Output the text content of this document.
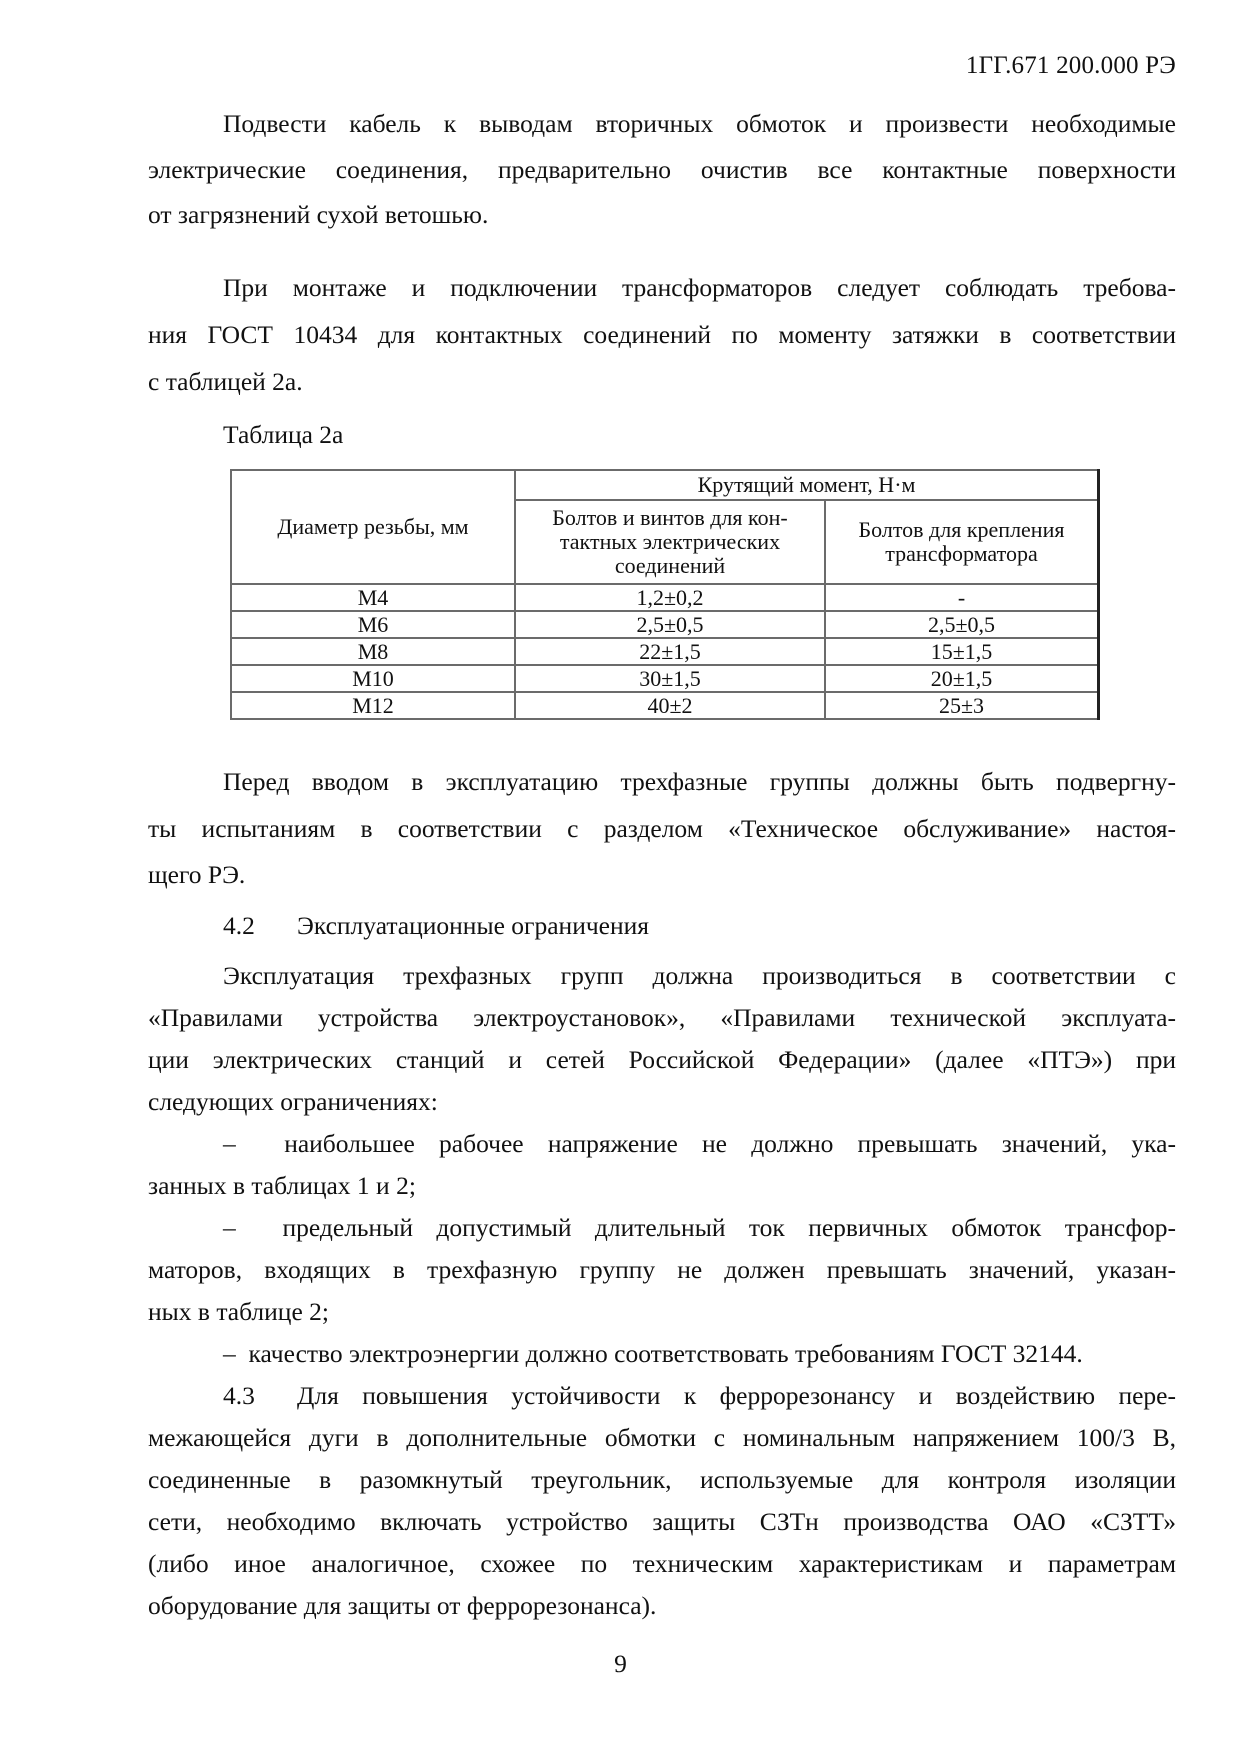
1ГГ.671 200.000 РЭ
Подвести кабель к выводам вторичных обмоток и произвести необходимые
электрические соединения, предварительно очистив все контактные поверхности
от загрязнений сухой ветошью.
При монтаже и подключении трансформаторов следует соблюдать требова-
ния ГОСТ 10434 для контактных соединений по моменту затяжки в соответствии
с таблицей 2а.
Таблица 2а
Диаметр резьбы, мм	Крутящий момент, Н·м	

Болтов и винтов для кон-
тактных электрических
соединений

Болтов для крепления
трансформатора

М4	1,2±0,2	-
М6	2,5±0,5	2,5±0,5
М8	22±1,5	15±1,5
М10	30±1,5	20±1,5
М12	40±2	25±3
Перед вводом в эксплуатацию трехфазные группы должны быть подвергну-
ты испытаниям в соответствии с разделом «Техническое обслуживание» настоя-
щего РЭ.
4.2 Эксплуатационные ограничения
Эксплуатация трехфазных групп должна производиться в соответствии с
«Правилами устройства электроустановок», «Правилами технической эксплуата-
ции электрических станций и сетей Российской Федерации» (далее «ПТЭ») при
следующих ограничениях:
– наибольшее рабочее напряжение не должно превышать значений, ука-
занных в таблицах 1 и 2;
– предельный допустимый длительный ток первичных обмоток трансфор-
маторов, входящих в трехфазную группу не должен превышать значений, указан-
ных в таблице 2;
– качество электроэнергии должно соответствовать требованиям ГОСТ 32144.
4.3 Для повышения устойчивости к феррорезонансу и воздействию пере-
межающейся дуги в дополнительные обмотки с номинальным напряжением 100/3 В,
соединенные в разомкнутый треугольник, используемые для контроля изоляции
сети, необходимо включать устройство защиты СЗТн производства ОАО «СЗТТ»
(либо иное аналогичное, схожее по техническим характеристикам и параметрам
оборудование для защиты от феррорезонанса).
9
